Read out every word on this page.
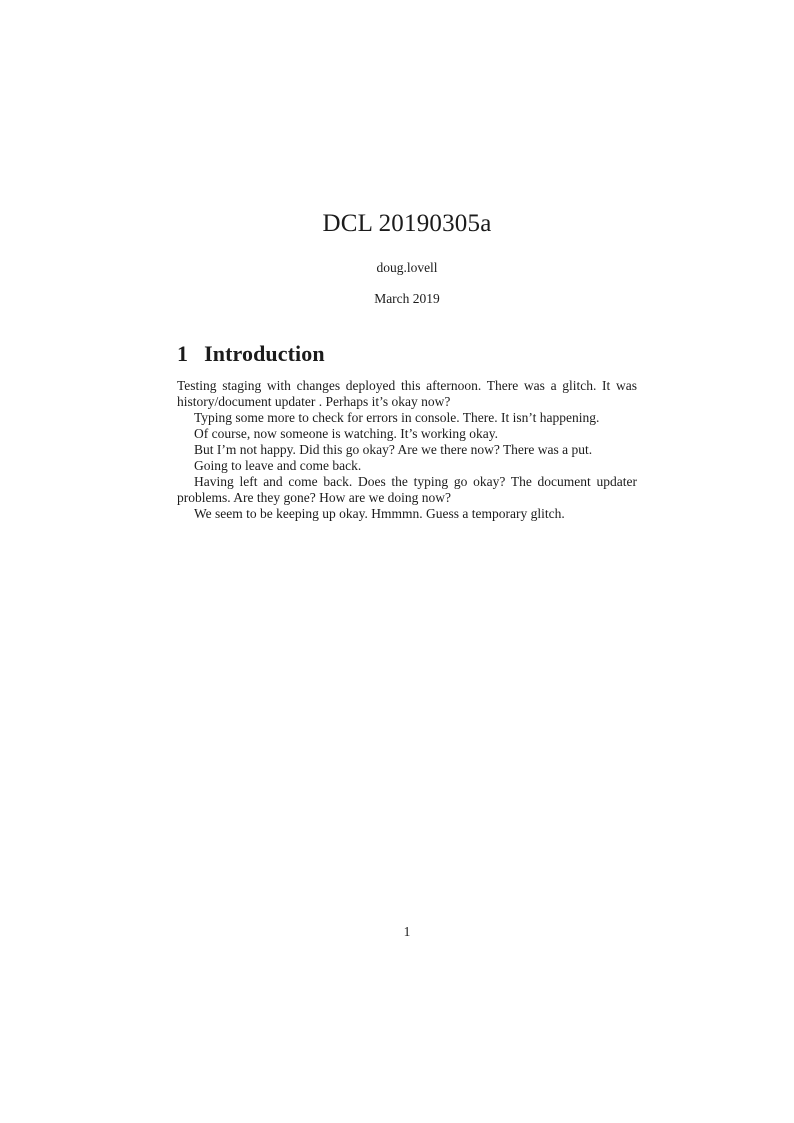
DCL 20190305a
doug.lovell
March 2019
1 Introduction

Testing staging with changes deployed this afternoon. There was a glitch. It was history/document updater . Perhaps it’s okay now?

Typing some more to check for errors in console. There. It isn’t happening.

Of course, now someone is watching. It’s working okay.

But I’m not happy. Did this go okay? Are we there now? There was a put.

Going to leave and come back.

Having left and come back. Does the typing go okay? The document updater problems. Are they gone? How are we doing now?

We seem to be keeping up okay. Hmmmn. Guess a temporary glitch.

1
